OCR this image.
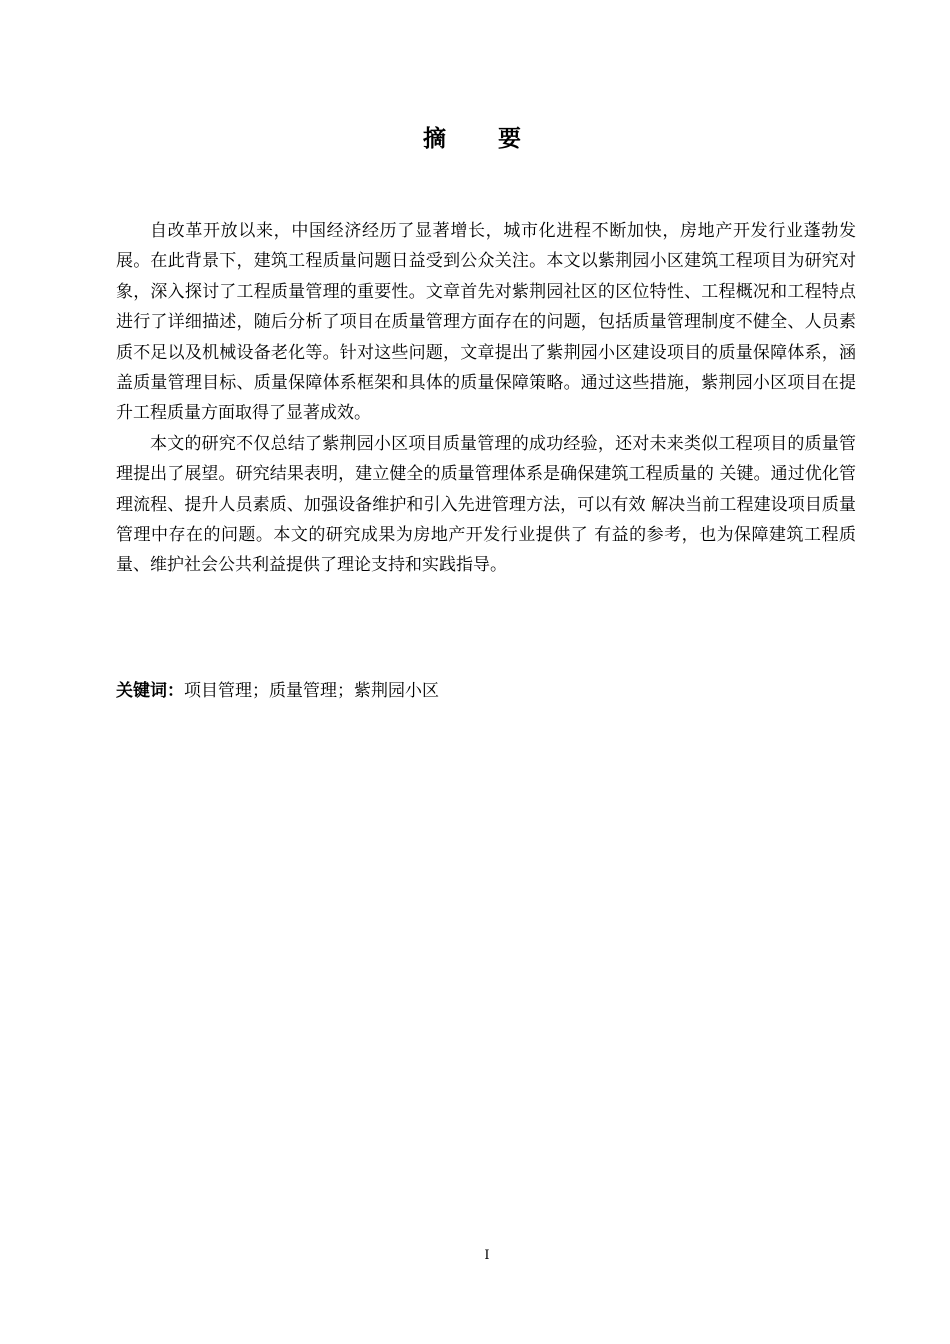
摘 要

自改革开放以来，中国经济经历了显著增长，城市化进程不断加快，房地产开发行业蓬勃发展。在此背景下，建筑工程质量问题日益受到公众关注。本文以紫荆园小区建筑工程项目为研究对象，深入探讨了工程质量管理的重要性。文章首先对紫荆园社区的区位特性、工程概况和工程特点进行了详细描述，随后分析了项目在质量管理方面存在的问题，包括质量管理制度不健全、人员素质不足以及机械设备老化等。针对这些问题，文章提出了紫荆园小区建设项目的质量保障体系，涵盖质量管理目标、质量保障体系框架和具体的质量保障策略。通过这些措施，紫荆园小区项目在提升工程质量方面取得了显著成效。

本文的研究不仅总结了紫荆园小区项目质量管理的成功经验，还对未来类似工程项目的质量管理提出了展望。研究结果表明，建立健全的质量管理体系是确保建筑工程质量的 关键。通过优化管理流程、提升人员素质、加强设备维护和引入先进管理方法，可以有效 解决当前工程建设项目质量管理中存在的问题。本文的研究成果为房地产开发行业提供了 有益的参考，也为保障建筑工程质量、维护社会公共利益提供了理论支持和实践指导。

关键词：项目管理；质量管理；紫荆园小区
I
